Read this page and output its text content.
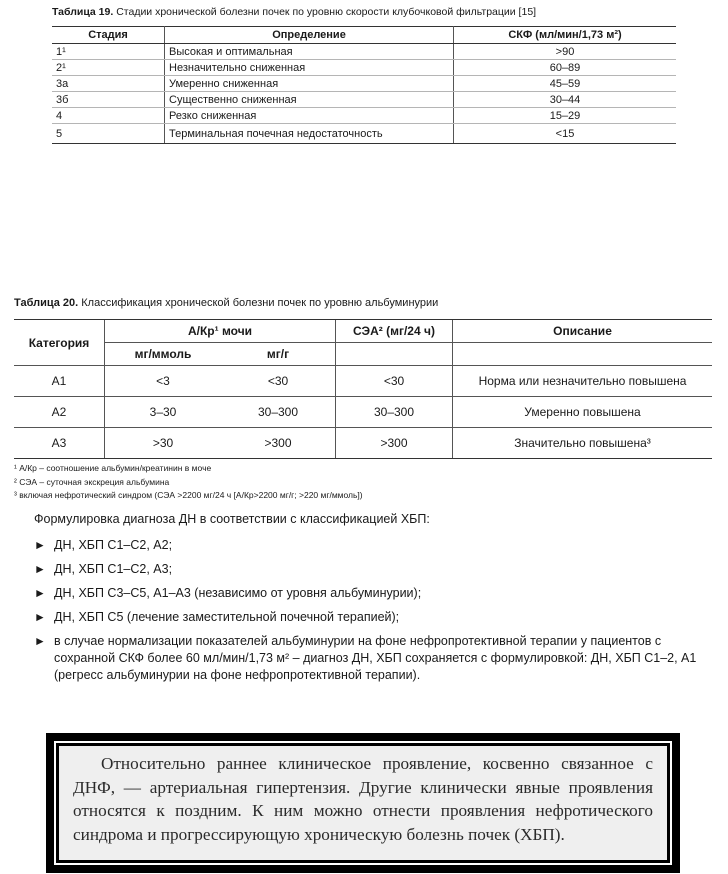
Таблица 19. Стадии хронической болезни почек по уровню скорости клубочковой фильтрации [15]
Стадия	Определение	СКФ (мл/мин/1,73 м²)
1¹	Высокая и оптимальная	>90
2¹	Незначительно сниженная	60–89
3а	Умеренно сниженная	45–59
3б	Существенно сниженная	30–44
4	Резко сниженная	15–29
5	Терминальная почечная недостаточность	<15
Таблица 20. Классификация хронической болезни почек по уровню альбуминурии
Категория	А/Кр¹ мочи		СЭА² (мг/24 ч)	Описание
	мг/ммоль	мг/г		
А1	<3	<30	<30	Норма или незначительно повышена
А2	3–30	30–300	30–300	Умеренно повышена
А3	>30	>300	>300	Значительно повышена³
¹ А/Кр – соотношение альбумин/креатинин в моче
² СЭА – суточная экскреция альбумина
³ включая нефротический синдром (СЭА >2200 мг/24 ч [А/Кр>2200 мг/г; >220 мг/ммоль])
Формулировка диагноза ДН в соответствии с классификацией ХБП:
► ДН, ХБП С1–С2, А2;
► ДН, ХБП С1–С2, А3;
► ДН, ХБП С3–С5, А1–А3 (независимо от уровня альбуминурии);
► ДН, ХБП С5 (лечение заместительной почечной терапией);
► в случае нормализации показателей альбуминурии на фоне нефропротективной терапии у пациентов с сохранной СКФ более 60 мл/мин/1,73 м² – диагноз ДН, ХБП сохраняется с формулировкой: ДН, ХБП С1–2, А1 (регресс альбуминурии на фоне нефропротективной терапии).
Относительно раннее клиническое проявление, косвенно связанное с ДНФ, — артериальная гипертензия. Другие клинически явные проявления относятся к поздним. К ним можно отнести проявления нефротического синдрома и прогрессирующую хроническую болезнь почек (ХБП).
